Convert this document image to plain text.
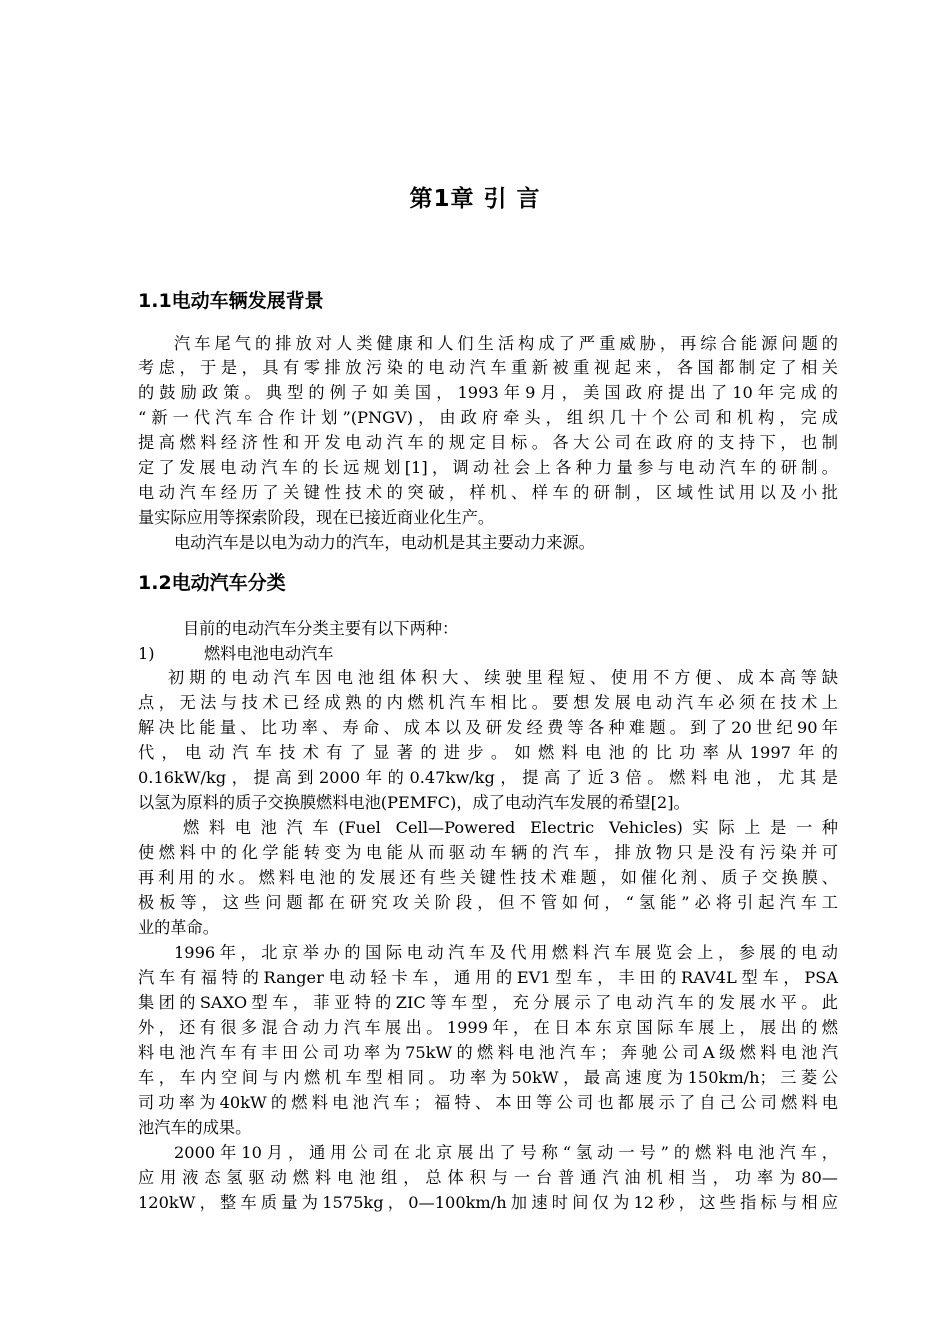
第1章 引 言
1.1电动车辆发展背景

汽车尾气的排放对人类健康和人们生活构成了严重威胁，再综合能源问题的

考虑，于是，具有零排放污染的电动汽车重新被重视起来，各国都制定了相关

的鼓励政策。典型的例子如美国，1993年9月，美国政府提出了10年完成的

“新一代汽车合作计划”(PNGV)，由政府牵头，组织几十个公司和机构，完成

提高燃料经济性和开发电动汽车的规定目标。各大公司在政府的支持下，也制

定了发展电动汽车的长远规划[1]，调动社会上各种力量参与电动汽车的研制。

电动汽车经历了关键性技术的突破，样机、样车的研制，区域性试用以及小批

量实际应用等探索阶段，现在已接近商业化生产。

电动汽车是以电为动力的汽车，电动机是其主要动力来源。

1.2电动汽车分类

目前的电动汽车分类主要有以下两种：

1)	燃料电池电动汽车

初期的电动汽车因电池组体积大、续驶里程短、使用不方便、成本高等缺

点，无法与技术已经成熟的内燃机汽车相比。要想发展电动汽车必须在技术上

解决比能量、比功率、寿命、成本以及研发经费等各种难题。到了20世纪90年

代，电动汽车技术有了显著的进步。如燃料电池的比功率从1997年的

0.16kW/kg，提高到2000年的0.47kw/kg，提高了近3倍。燃料电池，尤其是

以氢为原料的质子交换膜燃料电池(PEMFC)，成了电动汽车发展的希望[2]。

燃料电池汽车(Fuel Cell—Powered Electric Vehicles)实际上是一种

使燃料中的化学能转变为电能从而驱动车辆的汽车，排放物只是没有污染并可

再利用的水。燃料电池的发展还有些关键性技术难题，如催化剂、质子交换膜、

极板等，这些问题都在研究攻关阶段，但不管如何，“氢能”必将引起汽车工

业的革命。

1996年，北京举办的国际电动汽车及代用燃料汽车展览会上，参展的电动

汽车有福特的Ranger电动轻卡车，通用的EV1型车，丰田的RAV4L型车，PSA

集团的SAXO型车，菲亚特的ZIC等车型，充分展示了电动汽车的发展水平。此

外，还有很多混合动力汽车展出。1999年，在日本东京国际车展上，展出的燃

料电池汽车有丰田公司功率为75kW的燃料电池汽车；奔驰公司A级燃料电池汽

车，车内空间与内燃机车型相同。功率为50kW，最高速度为150km/h；三菱公

司功率为40kW的燃料电池汽车；福特、本田等公司也都展示了自己公司燃料电

池汽车的成果。

2000年10月，通用公司在北京展出了号称“氢动一号”的燃料电池汽车，

应用液态氢驱动燃料电池组，总体积与一台普通汽油机相当，功率为80—

120kW，整车质量为1575kg，0—100km/h加速时间仅为12秒，这些指标与相应
